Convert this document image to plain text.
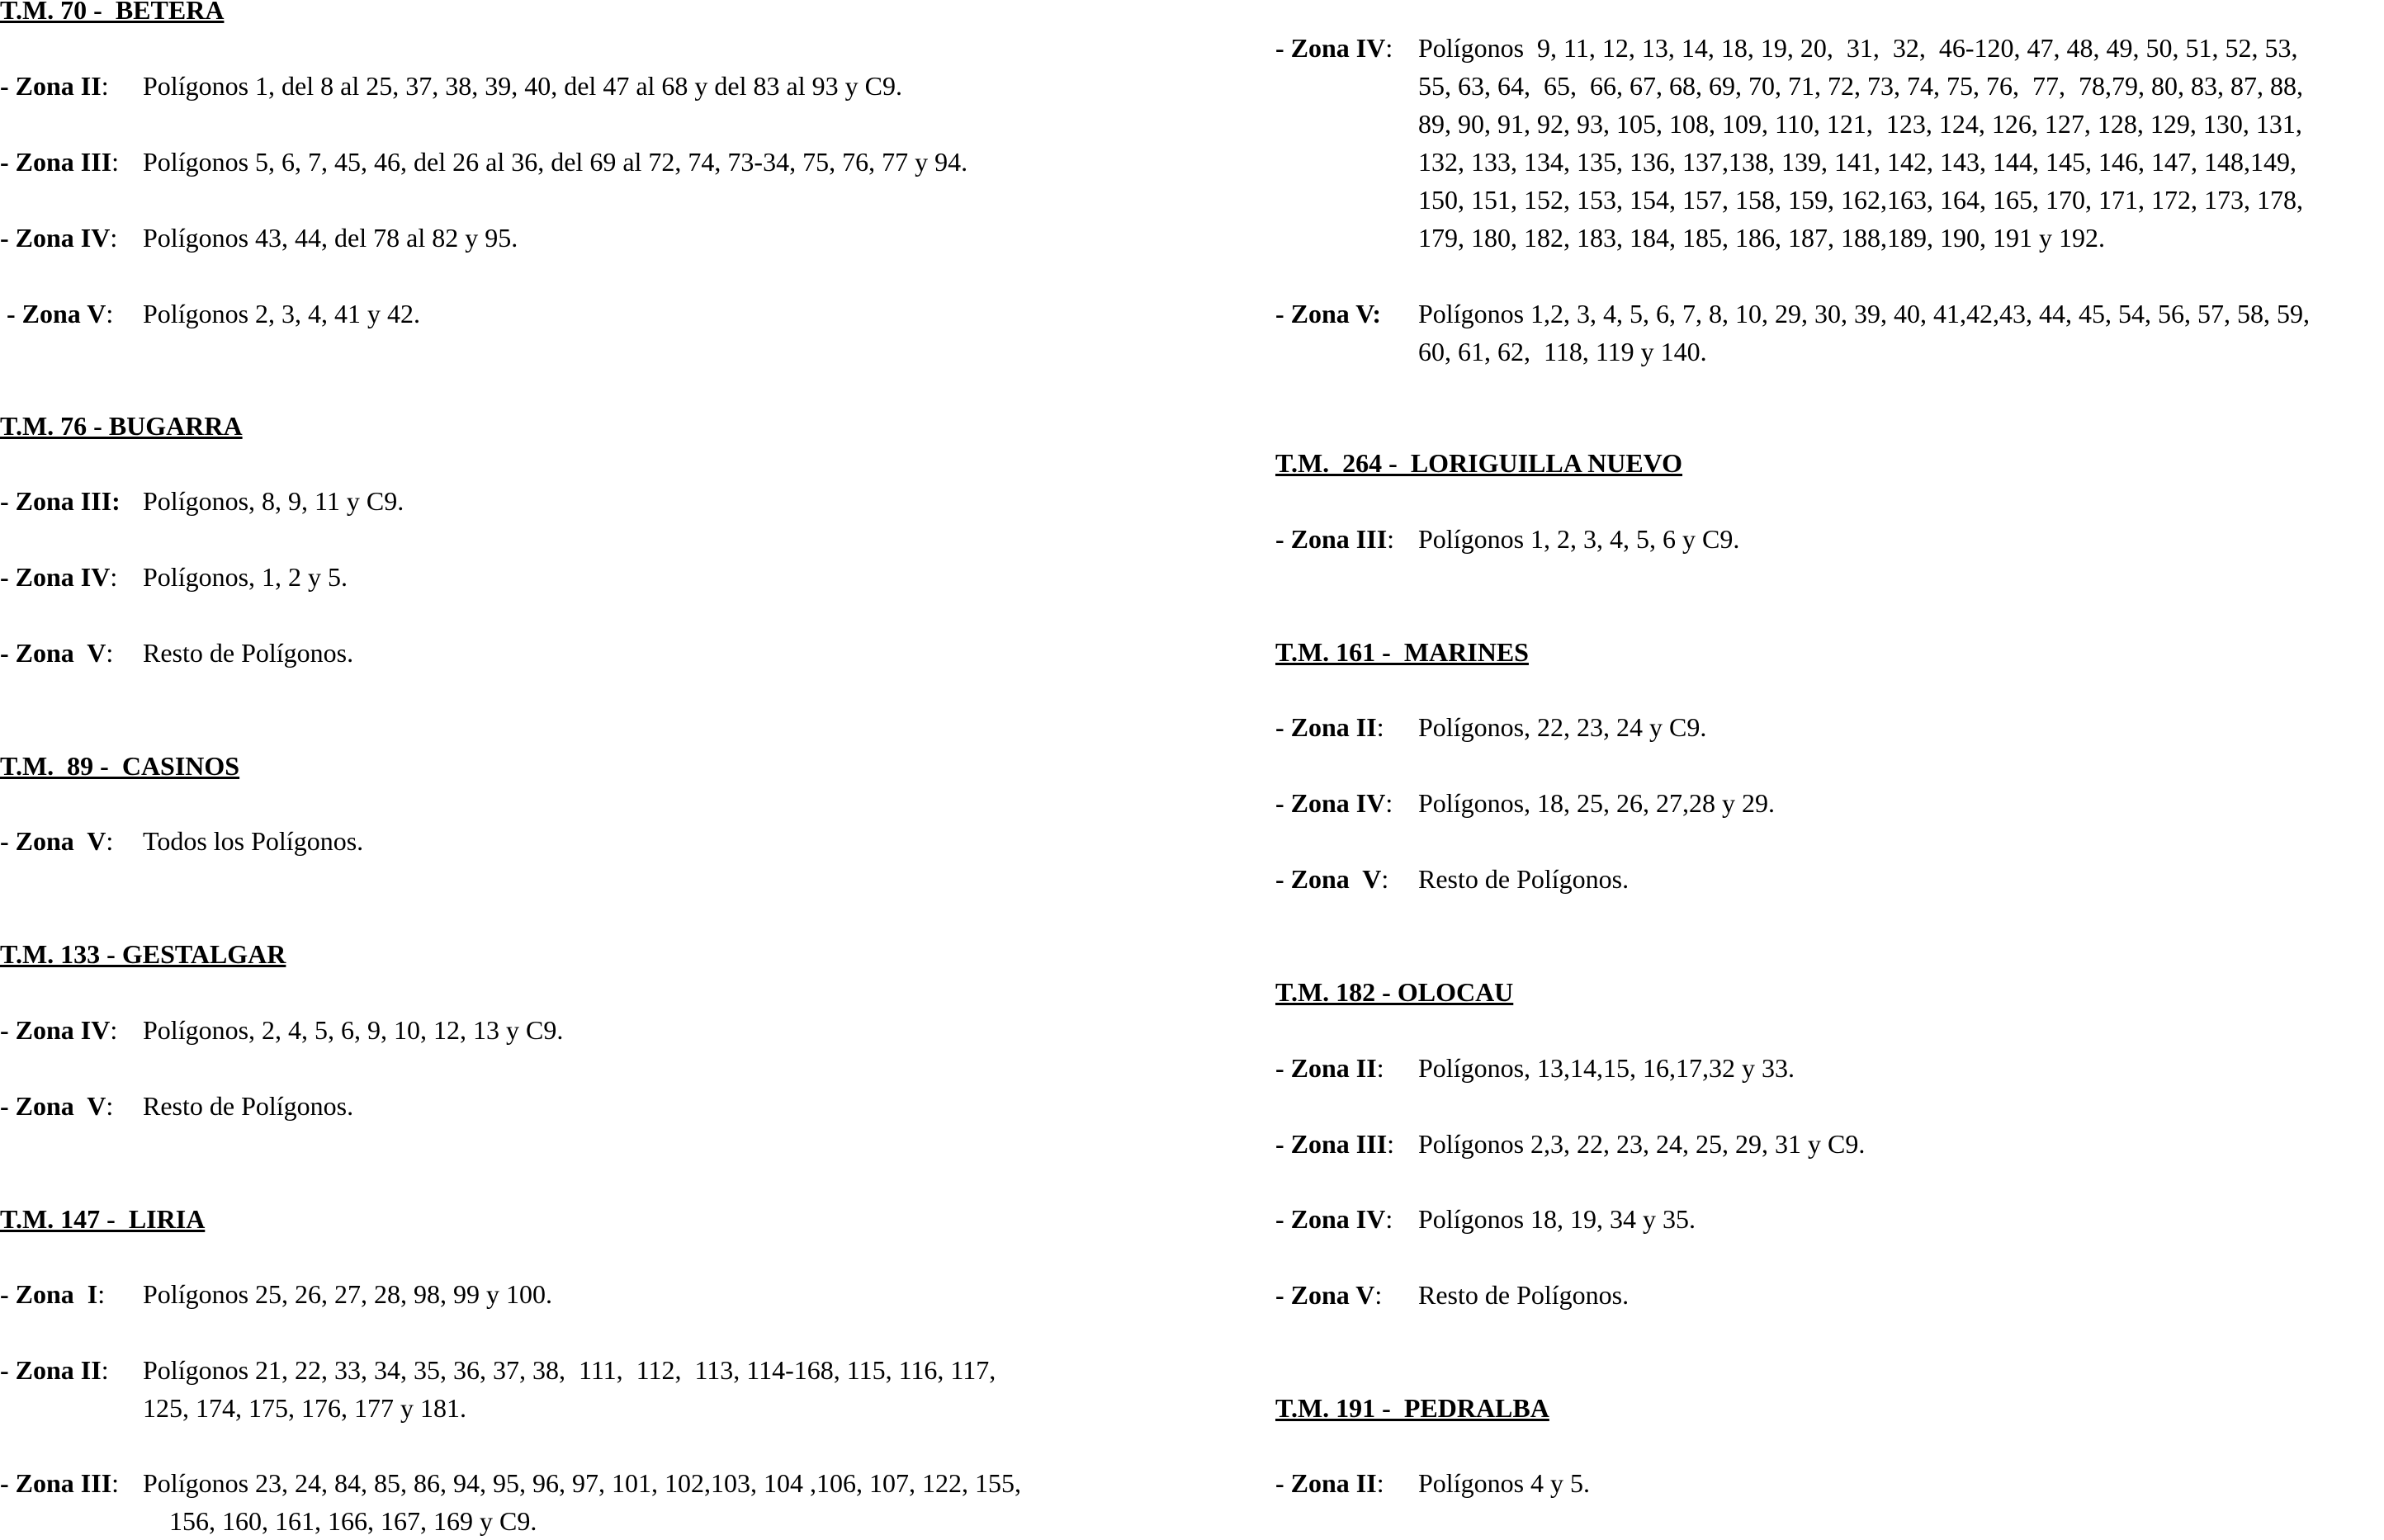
T.M. 70 -  BETERA
- Zona II: Polígonos 1, del 8 al 25, 37, 38, 39, 40, del 47 al 68 y del 83 al 93 y C9.
- Zona III: Polígonos 5, 6, 7, 45, 46, del 26 al 36, del 69 al 72, 74, 73-34, 75, 76, 77 y 94.
- Zona IV: Polígonos 43, 44, del 78 al 82 y 95.
- Zona V: Polígonos 2, 3, 4, 41 y 42.
T.M. 76 - BUGARRA
- Zona III: Polígonos, 8, 9, 11 y C9.
- Zona IV: Polígonos, 1, 2 y 5.
- Zona  V: Resto de Polígonos.
T.M.  89 -  CASINOS
- Zona  V: Todos los Polígonos.
T.M. 133 - GESTALGAR
- Zona IV: Polígonos, 2, 4, 5, 6, 9, 10, 12, 13 y C9.
- Zona  V: Resto de Polígonos.
T.M. 147 -  LIRIA
- Zona  I: Polígonos 25, 26, 27, 28, 98, 99 y 100.
- Zona II: Polígonos 21, 22, 33, 34, 35, 36, 37, 38,  111,  112,  113, 114-168, 115, 116, 117,
125, 174, 175, 176, 177 y 181.
- Zona III: Polígonos 23, 24, 84, 85, 86, 94, 95, 96, 97, 101, 102,103, 104 ,106, 107, 122, 155,
156, 160, 161, 166, 167, 169 y C9.
- Zona IV: Polígonos  9, 11, 12, 13, 14, 18, 19, 20,  31,  32,  46-120, 47, 48, 49, 50, 51, 52, 53,
55, 63, 64,  65,  66, 67, 68, 69, 70, 71, 72, 73, 74, 75, 76,  77,  78,79, 80, 83, 87, 88,
89, 90, 91, 92, 93, 105, 108, 109, 110, 121,  123, 124, 126, 127, 128, 129, 130, 131,
132, 133, 134, 135, 136, 137,138, 139, 141, 142, 143, 144, 145, 146, 147, 148,149,
150, 151, 152, 153, 154, 157, 158, 159, 162,163, 164, 165, 170, 171, 172, 173, 178,
179, 180, 182, 183, 184, 185, 186, 187, 188,189, 190, 191 y 192.
- Zona V: Polígonos 1,2, 3, 4, 5, 6, 7, 8, 10, 29, 30, 39, 40, 41,42,43, 44, 45, 54, 56, 57, 58, 59,
60, 61, 62,  118, 119 y 140.
T.M.  264 -  LORIGUILLA NUEVO
- Zona III: Polígonos 1, 2, 3, 4, 5, 6 y C9.
T.M. 161 -  MARINES
- Zona II: Polígonos, 22, 23, 24 y C9.
- Zona IV: Polígonos, 18, 25, 26, 27,28 y 29.
- Zona  V: Resto de Polígonos.
T.M. 182 - OLOCAU
- Zona II: Polígonos, 13,14,15, 16,17,32 y 33.
- Zona III: Polígonos 2,3, 22, 23, 24, 25, 29, 31 y C9.
- Zona IV: Polígonos 18, 19, 34 y 35.
- Zona V: Resto de Polígonos.
T.M. 191 -  PEDRALBA
- Zona II: Polígonos 4 y 5.
